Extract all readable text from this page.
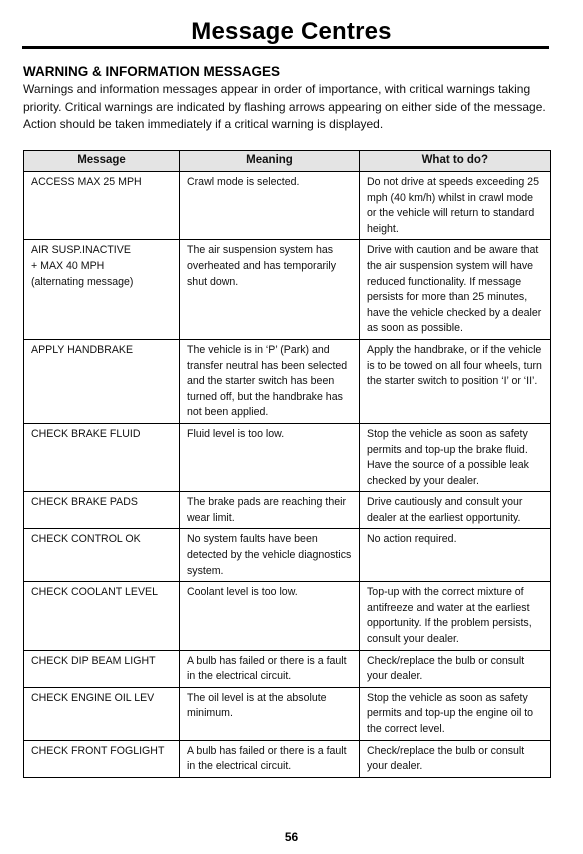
Message Centres
WARNING & INFORMATION MESSAGES

Warnings and information messages appear in order of importance, with critical warnings taking priority. Critical warnings are indicated by flashing arrows appearing on either side of the message. Action should be taken immediately if a critical warning is displayed.

Message	Meaning	What to do?
ACCESS MAX 25 MPH	Crawl mode is selected.	Do not drive at speeds exceeding 25 mph (40 km/h) whilst in crawl mode or the vehicle will return to standard height.
AIR SUSP.INACTIVE
+ MAX 40 MPH
(alternating message)	The air suspension system has overheated and has temporarily shut down.	Drive with caution and be aware that the air suspension system will have reduced functionality. If message persists for more than 25 minutes, have the vehicle checked by a dealer as soon as possible.
APPLY HANDBRAKE	The vehicle is in ‘P’ (Park) and transfer neutral has been selected and the starter switch has been turned off, but the handbrake has not been applied.	Apply the handbrake, or if the vehicle is to be towed on all four wheels, turn the starter switch to position ‘I’ or ‘II’.
CHECK BRAKE FLUID	Fluid level is too low.	Stop the vehicle as soon as safety permits and top-up the brake fluid. Have the source of a possible leak checked by your dealer.
CHECK BRAKE PADS	The brake pads are reaching their wear limit.	Drive cautiously and consult your dealer at the earliest opportunity.
CHECK CONTROL OK	No system faults have been detected by the vehicle diagnostics system.	No action required.
CHECK COOLANT LEVEL	Coolant level is too low.	Top-up with the correct mixture of antifreeze and water at the earliest opportunity. If the problem persists, consult your dealer.
CHECK DIP BEAM LIGHT	A bulb has failed or there is a fault in the electrical circuit.	Check/replace the bulb or consult your dealer.
CHECK ENGINE OIL LEV	The oil level is at the absolute minimum.	Stop the vehicle as soon as safety permits and top-up the engine oil to the correct level.
CHECK FRONT FOGLIGHT	A bulb has failed or there is a fault in the electrical circuit.	Check/replace the bulb or consult your dealer.
56
